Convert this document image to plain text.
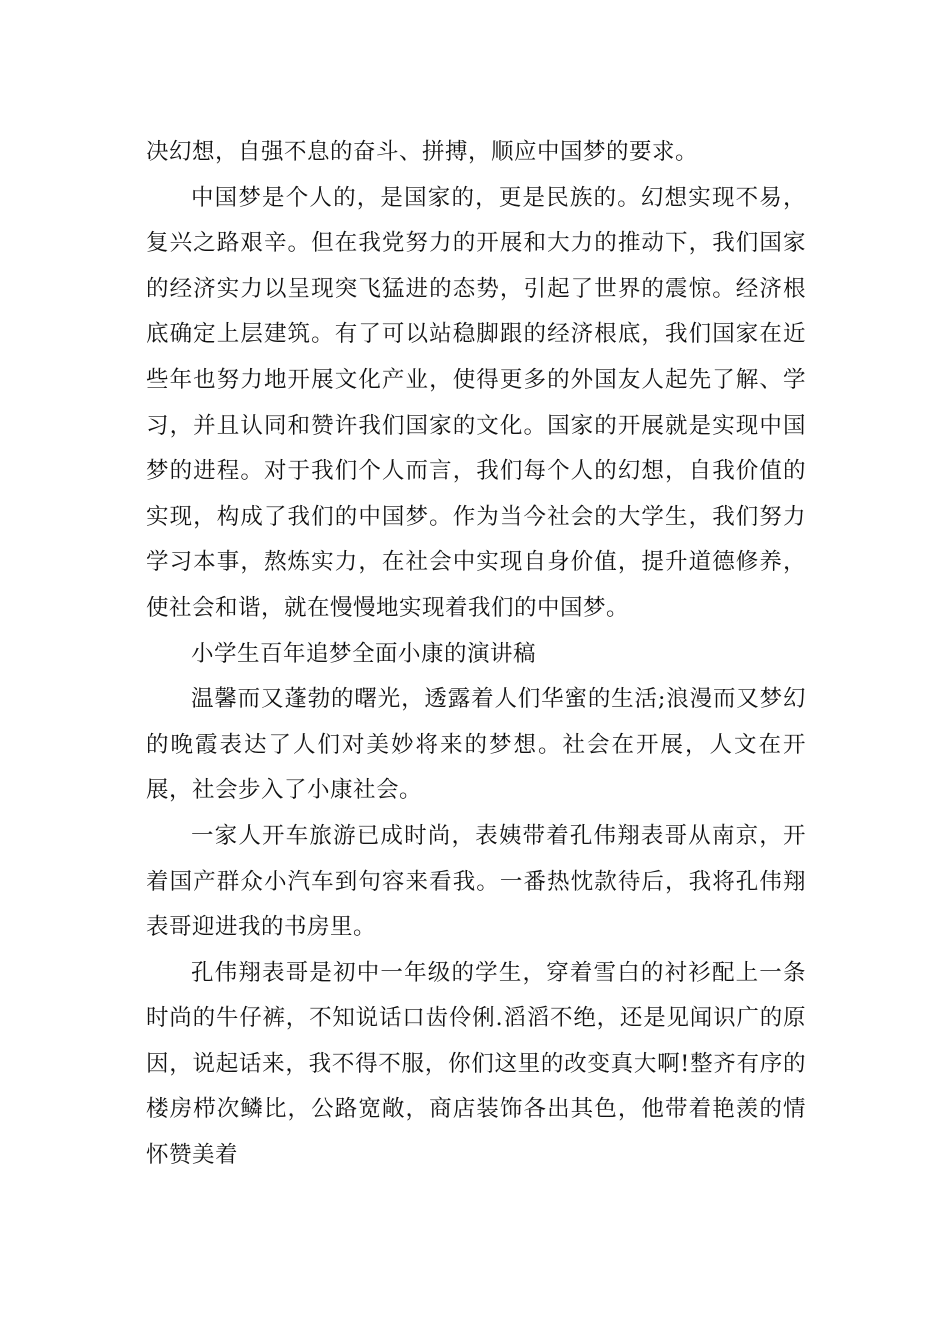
决幻想，自强不息的奋斗、拼搏，顺应中国梦的要求。

中国梦是个人的，是国家的，更是民族的。幻想实现不易，复兴之路艰辛。但在我党努力的开展和大力的推动下，我们国家的经济实力以呈现突飞猛进的态势，引起了世界的震惊。经济根底确定上层建筑。有了可以站稳脚跟的经济根底，我们国家在近些年也努力地开展文化产业，使得更多的外国友人起先了解、学习，并且认同和赞许我们国家的文化。国家的开展就是实现中国梦的进程。对于我们个人而言，我们每个人的幻想，自我价值的实现，构成了我们的中国梦。作为当今社会的大学生，我们努力学习本事，熬炼实力，在社会中实现自身价值，提升道德修养，使社会和谐，就在慢慢地实现着我们的中国梦。

小学生百年追梦全面小康的演讲稿

温馨而又蓬勃的曙光，透露着人们华蜜的生活;浪漫而又梦幻的晚霞表达了人们对美妙将来的梦想。社会在开展，人文在开展，社会步入了小康社会。

一家人开车旅游已成时尚，表姨带着孔伟翔表哥从南京，开着国产群众小汽车到句容来看我。一番热忱款待后，我将孔伟翔表哥迎进我的书房里。

孔伟翔表哥是初中一年级的学生，穿着雪白的衬衫配上一条时尚的牛仔裤，不知说话口齿伶俐.滔滔不绝，还是见闻识广的原因，说起话来，我不得不服，你们这里的改变真大啊!整齐有序的楼房栉次鳞比，公路宽敞，商店装饰各出其色，他带着艳羡的情怀赞美着
